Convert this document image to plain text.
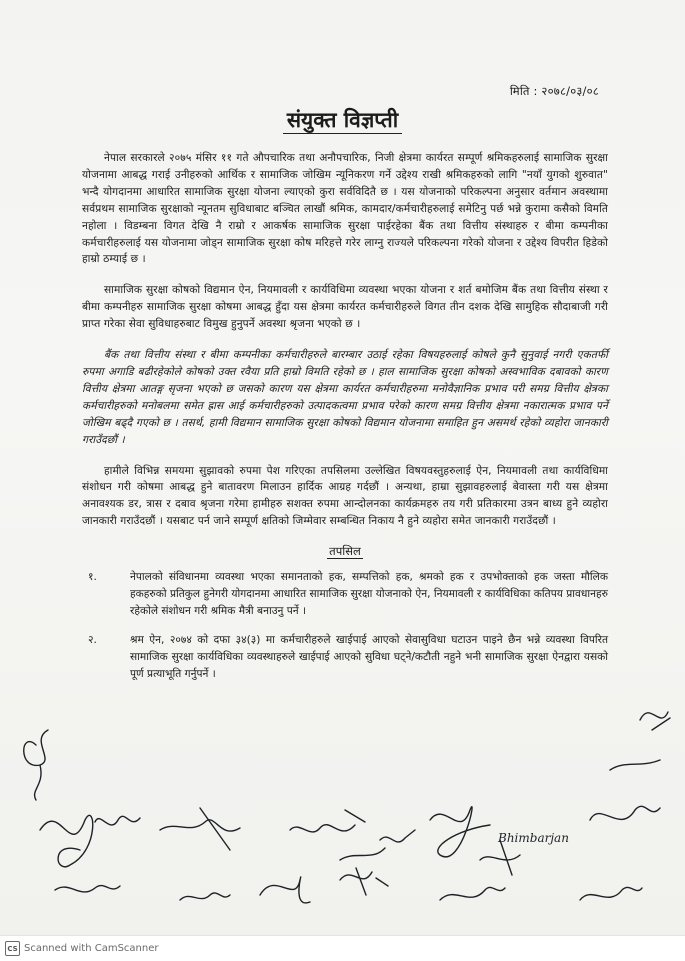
मिति : २०७८/०३/०८
संयुक्त विज्ञप्ती

नेपाल सरकारले २०७५ मंसिर ११ गते औपचारिक तथा अनौपचारिक, निजी क्षेत्रमा कार्यरत सम्पूर्ण श्रमिकहरुलाई सामाजिक सुरक्षा योजनामा आबद्ध गराई उनीहरुको आर्थिक र सामाजिक जोखिम न्यूनिकरण गर्ने उद्देश्य राखी श्रमिकहरुको लागि "नयाँ युगको शुरुवात" भन्दै योगदानमा आधारित सामाजिक सुरक्षा योजना ल्याएको कुरा सर्वविदितै छ । यस योजनाको परिकल्पना अनुसार वर्तमान अवस्थामा सर्वप्रथम सामाजिक सुरक्षाको न्यूनतम सुविधाबाट बञ्चित लाखौं श्रमिक, कामदार/कर्मचारीहरुलाई समेटिनु पर्छ भन्ने कुरामा कसैको विमति नहोला । विडम्बना विगत देखि नै राम्रो र आकर्षक सामाजिक सुरक्षा पाईरहेका बैंक तथा वित्तीय संस्थाहरु र बीमा कम्पनीका कर्मचारीहरुलाई यस योजनामा जोड्न सामाजिक सुरक्षा कोष मरिहत्ते गरेर लाग्नु राज्यले परिकल्पना गरेको योजना र उद्देश्य विपरीत हिडेको हाम्रो ठम्याई छ ।

सामाजिक सुरक्षा कोषको विद्यमान ऐन, नियमावली र कार्यविधिमा व्यवस्था भएका योजना र शर्त बमोजिम बैंक तथा वित्तीय संस्था र बीमा कम्पनीहरु सामाजिक सुरक्षा कोषमा आबद्ध हुँदा यस क्षेत्रमा कार्यरत कर्मचारीहरुले विगत तीन दशक देखि सामुहिक सौदाबाजी गरी प्राप्त गरेका सेवा सुविधाहरुबाट विमुख हुनुपर्ने अवस्था श्रृजना भएको छ ।

बैंक तथा वित्तीय संस्था र बीमा कम्पनीका कर्मचारीहरुले बारम्बार उठाई रहेका विषयहरुलाई कोषले कुनै सुनुवाई नगरी एकतर्फी रुपमा अगाडि बढीरहेकोले कोषको उक्त रवैया प्रति हाम्रो विमति रहेको छ । हाल सामाजिक सुरक्षा कोषको अस्वभाविक दबावको कारण वित्तीय क्षेत्रमा आतङ्ग सृजना भएको छ जसको कारण यस क्षेत्रमा कार्यरत कर्मचारीहरुमा मनोवैज्ञानिक प्रभाव परी समग्र वित्तीय क्षेत्रका कर्मचारीहरुको मनोबलमा समेत ह्रास आई कर्मचारीहरुको उत्पादकत्वमा प्रभाव परेको कारण समग्र वित्तीय क्षेत्रमा नकारात्मक प्रभाव पर्ने जोखिम बढ्दै गएको छ । तसर्थ, हामी विद्यमान सामाजिक सुरक्षा कोषको विद्यमान योजनामा समाहित हुन असमर्थ रहेको व्यहोरा जानकारी गराउँदछौं ।

हामीले विभिन्न समयमा सुझावको रुपमा पेश गरिएका तपसिलमा उल्लेखित विषयवस्तुहरुलाई ऐन, नियमावली तथा कार्यविधिमा संशोधन गरी कोषमा आबद्ध हुने बातावरण मिलाउन हार्दिक आग्रह गर्दछौं । अन्यथा, हाम्रा सुझावहरुलाई बेवास्ता गरी यस क्षेत्रमा अनावश्यक डर, त्रास र दबाव श्रृजना गरेमा हामीहरु सशक्त रुपमा आन्दोलनका कार्यक्रमहरु तय गरी प्रतिकारमा उत्रन बाध्य हुने व्यहोरा जानकारी गराउँदछौं । यसबाट पर्न जाने सम्पूर्ण क्षतिको जिम्मेवार सम्बन्धित निकाय नै हुने व्यहोरा समेत जानकारी गराउँदछौं ।

तपसिल
१.	नेपालको संविधानमा व्यवस्था भएका समानताको हक, सम्पत्तिको हक, श्रमको हक र उपभोक्ताको हक जस्ता मौलिक हकहरुको प्रतिकुल हुनेगरी योगदानमा आधारित सामाजिक सुरक्षा योजनाको ऐन, नियमावली र कार्यविधिका कतिपय प्रावधानहरु रहेकोले संशोधन गरी श्रमिक मैत्री बनाउनु पर्ने ।
२.	श्रम ऐन, २०७४ को दफा ३४(३) मा कर्मचारीहरुले खाईपाई आएको सेवासुविधा घटाउन पाइने छैन भन्ने व्यवस्था विपरित सामाजिक सुरक्षा कार्यविधिका व्यवस्थाहरुले खाईपाई आएको सुविधा घट्ने/कटौती नहुने भनी सामाजिक सुरक्षा ऐनद्वारा यसको पूर्ण प्रत्याभूति गर्नुपर्ने ।
Bhimbarjan
CS Scanned with CamScanner
